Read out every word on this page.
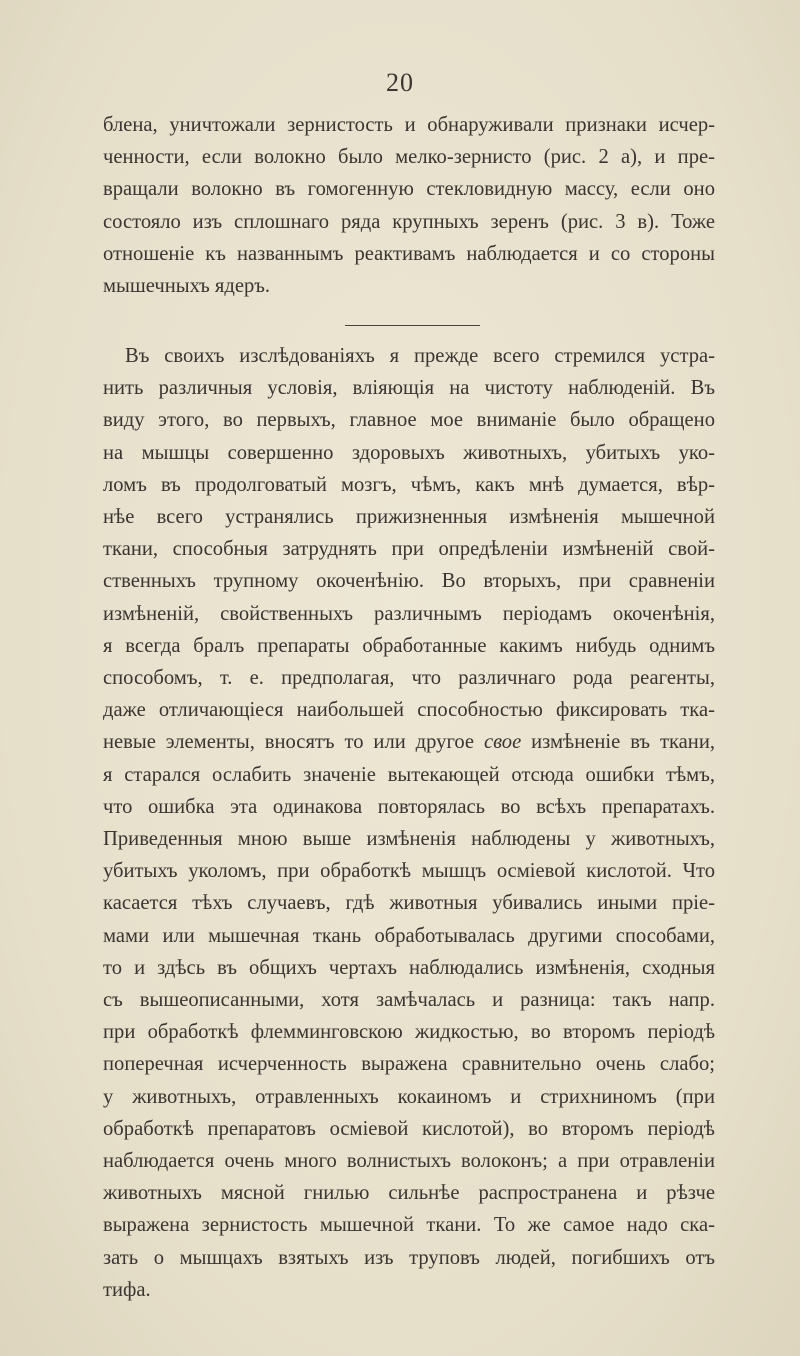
20
блена, уничтожали зернистость и обнаруживали признаки исчер-
ченности, если волокно было мелко-зернисто (рис. 2 а), и пре-
вращали волокно въ гомогенную стекловидную массу, если оно
состояло изъ сплошнаго ряда крупныхъ зеренъ (рис. 3 в). Тоже
отношеніе къ названнымъ реактивамъ наблюдается и со стороны
мышечныхъ ядеръ.
Въ своихъ изслѣдованіяхъ я прежде всего стремился устра-
нить различныя условія, вліяющія на чистоту наблюденій. Въ
виду этого, во первыхъ, главное мое вниманіе было обращено
на мышцы совершенно здоровыхъ животныхъ, убитыхъ уко-
ломъ въ продолговатый мозгъ, чѣмъ, какъ мнѣ думается, вѣр-
нѣе всего устранялись прижизненныя измѣненія мышечной
ткани, способныя затруднять при опредѣленіи измѣненій свой-
ственныхъ трупному окоченѣнію. Во вторыхъ, при сравненіи
измѣненій, свойственныхъ различнымъ періодамъ окоченѣнія,
я всегда бралъ препараты обработанные какимъ нибудь однимъ
способомъ, т. е. предполагая, что различнаго рода реагенты,
даже отличающіеся наибольшей способностью фиксировать тка-
невые элементы, вносятъ то или другое свое измѣненіе въ ткани,
я старался ослабить значеніе вытекающей отсюда ошибки тѣмъ,
что ошибка эта одинакова повторялась во всѣхъ препаратахъ.
Приведенныя мною выше измѣненія наблюдены у животныхъ,
убитыхъ уколомъ, при обработкѣ мышцъ осміевой кислотой. Что
касается тѣхъ случаевъ, гдѣ животныя убивались иными пріе-
мами или мышечная ткань обработывалась другими способами,
то и здѣсь въ общихъ чертахъ наблюдались измѣненія, сходныя
съ вышеописанными, хотя замѣчалась и разница: такъ напр.
при обработкѣ флемминговскою жидкостью, во второмъ періодѣ
поперечная исчерченность выражена сравнительно очень слабо;
у животныхъ, отравленныхъ кокаиномъ и стрихниномъ (при
обработкѣ препаратовъ осміевой кислотой), во второмъ періодѣ
наблюдается очень много волнистыхъ волоконъ; а при отравленіи
животныхъ мясной гнилью сильнѣе распространена и рѣзче
выражена зернистость мышечной ткани. То же самое надо ска-
зать о мышцахъ взятыхъ изъ труповъ людей, погибшихъ отъ
тифа.
